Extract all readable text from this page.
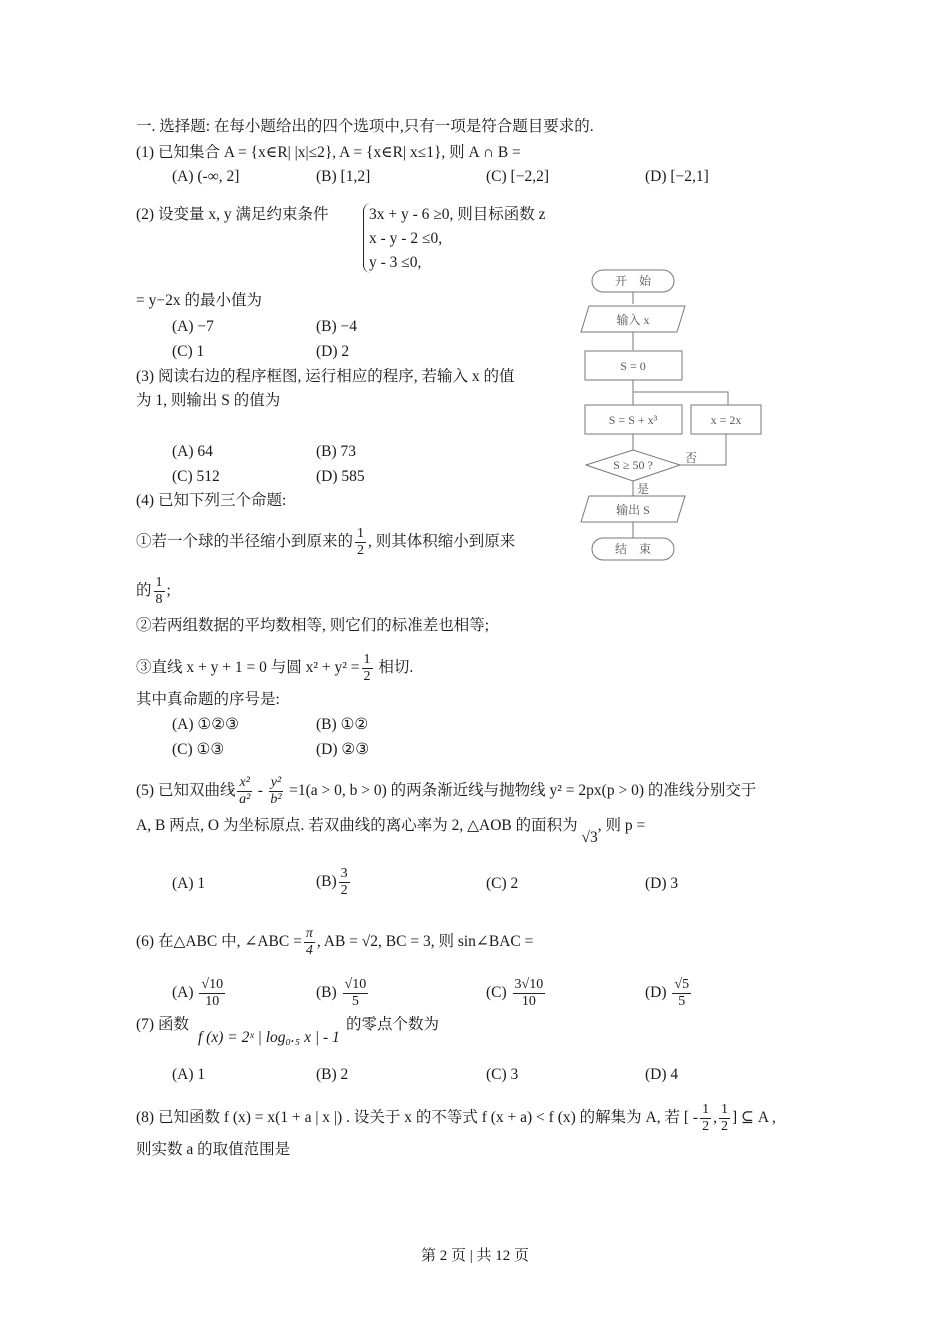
一. 选择题: 在每小题给出的四个选项中,只有一项是符合题目要求的.
(1) 已知集合 A = {x∈R| |x|≤2}, A = {x∈R| x≤1}, 则 A ∩ B =
(A) (-∞, 2]	(B) [1,2]	(C) [−2,2]	(D) [−2,1]
(2) 设变量 x, y 满足约束条件	3x + y - 6 ≥0, 则目标函数 z
x - y - 2 ≤0,
y - 3 ≤0,
= y−2x 的最小值为
(A) −7	(B) −4
(C) 1	(D) 2
(3) 阅读右边的程序框图, 运行相应的程序, 若输入 x 的值
为 1, 则输出 S 的值为
(A) 64	(B) 73
(C) 512	(D) 585
开　始
输入 x
S = 0
S = S + x³	x = 2x
S ≥ 50 ?	否
是
输出 S
结　束
(4) 已知下列三个命题:
①若一个球的半径缩小到原来的 $\frac{1}{2}$ , 则其体积缩小到原来
的 $\frac{1}{8}$ ;
②若两组数据的平均数相等, 则它们的标准差也相等;
③直线 x + y + 1 = 0 与圆 $x^2 + y^2 = \frac{1}{2}$ 相切.
其中真命题的序号是:
(A) ①②③	(B) ①②
(C) ①③	(D) ②③
(5) 已知双曲线 $\frac{\text{x²}}{\text{a²}} - \frac{\text{y²}}{\text{b²}} =1(a > 0$, b > 0) 的两条渐近线与抛物线 y² = 2px(p > 0) 的准线分别交于
A, B 两点, O 为坐标原点. 若双曲线的离心率为 2, △AOB 的面积为 √3, 则 p =
(A) 1	$(B) \frac{3}{2}$	(C) 2	(D) 3
(6) 在△ABC 中, ∠ABC = $\frac{\pi}{4}$ , AB = √2, BC = 3, 则 sin∠BAC =
$(A) \frac{√10}{10}$	$(B) \frac{√10}{5}$	$(C) \frac{3√10}{10}$	$(D) \frac{√5}{5}$
(7) 函数
f (x) = 2ˣ | log₀.₅ x | - 1
的零点个数为
(A) 1	(B) 2	(C) 3	(D) 4
(8) 已知函数 f (x) = x(1 + a | x |) . 设关于 x 的不等式 f (x + a) < f (x) 的解集为 A, 若 [ - $\frac{1}{2}$ , $\frac{1}{2}$ ] ⊆ A ,
则实数 a 的取值范围是
第 2 页 | 共 12 页
